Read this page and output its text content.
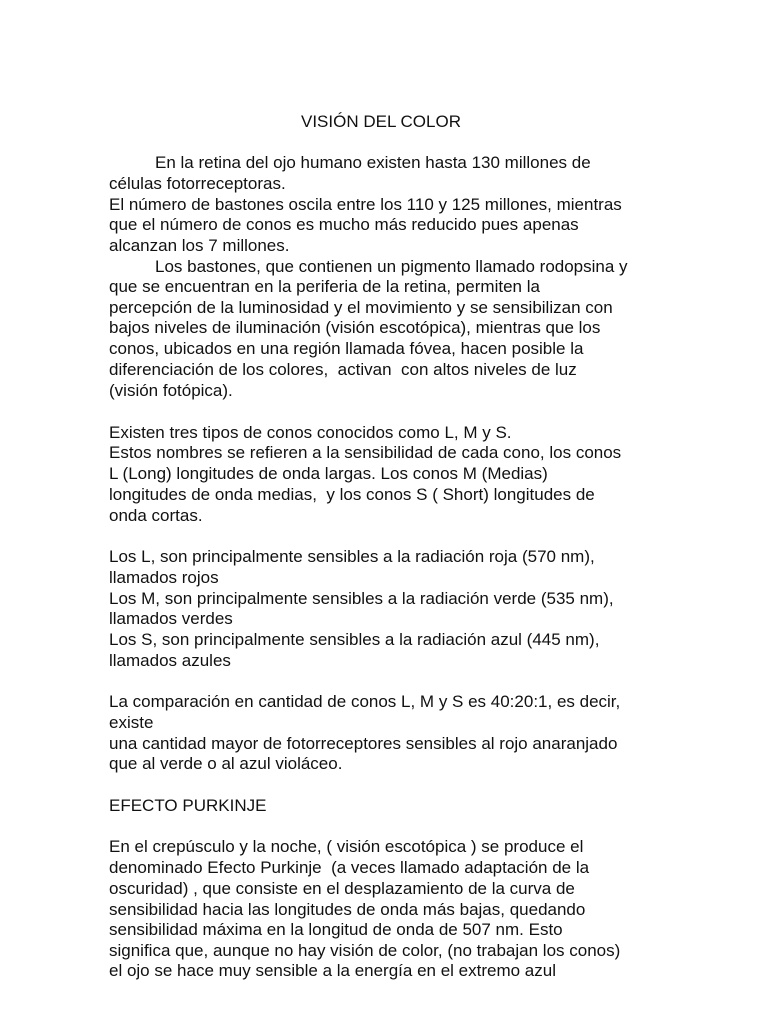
VISIÓN DEL COLOR

En la retina del ojo humano existen hasta 130 millones de

células fotorreceptoras.

El número de bastones oscila entre los 110 y 125 millones, mientras

que el número de conos es mucho más reducido pues apenas

alcanzan los 7 millones.

Los bastones, que contienen un pigmento llamado rodopsina y

que se encuentran en la periferia de la retina, permiten la

percepción de la luminosidad y el movimiento y se sensibilizan con

bajos niveles de iluminación (visión escotópica), mientras que los

conos, ubicados en una región llamada fóvea, hacen posible la

diferenciación de los colores,  activan  con altos niveles de luz

(visión fotópica).

Existen tres tipos de conos conocidos como L, M y S.

Estos nombres se refieren a la sensibilidad de cada cono, los conos

L (Long) longitudes de onda largas. Los conos M (Medias)

longitudes de onda medias,  y los conos S ( Short) longitudes de

onda cortas.

Los L, son principalmente sensibles a la radiación roja (570 nm),

llamados rojos

Los M, son principalmente sensibles a la radiación verde (535 nm),

llamados verdes

Los S, son principalmente sensibles a la radiación azul (445 nm),

llamados azules

La comparación en cantidad de conos L, M y S es 40:20:1, es decir,

existe

una cantidad mayor de fotorreceptores sensibles al rojo anaranjado

que al verde o al azul violáceo.

EFECTO PURKINJE

En el crepúsculo y la noche, ( visión escotópica ) se produce el

denominado Efecto Purkinje  (a veces llamado adaptación de la

oscuridad) , que consiste en el desplazamiento de la curva de

sensibilidad hacia las longitudes de onda más bajas, quedando

sensibilidad máxima en la longitud de onda de 507 nm. Esto

significa que, aunque no hay visión de color, (no trabajan los conos)

el ojo se hace muy sensible a la energía en el extremo azul
